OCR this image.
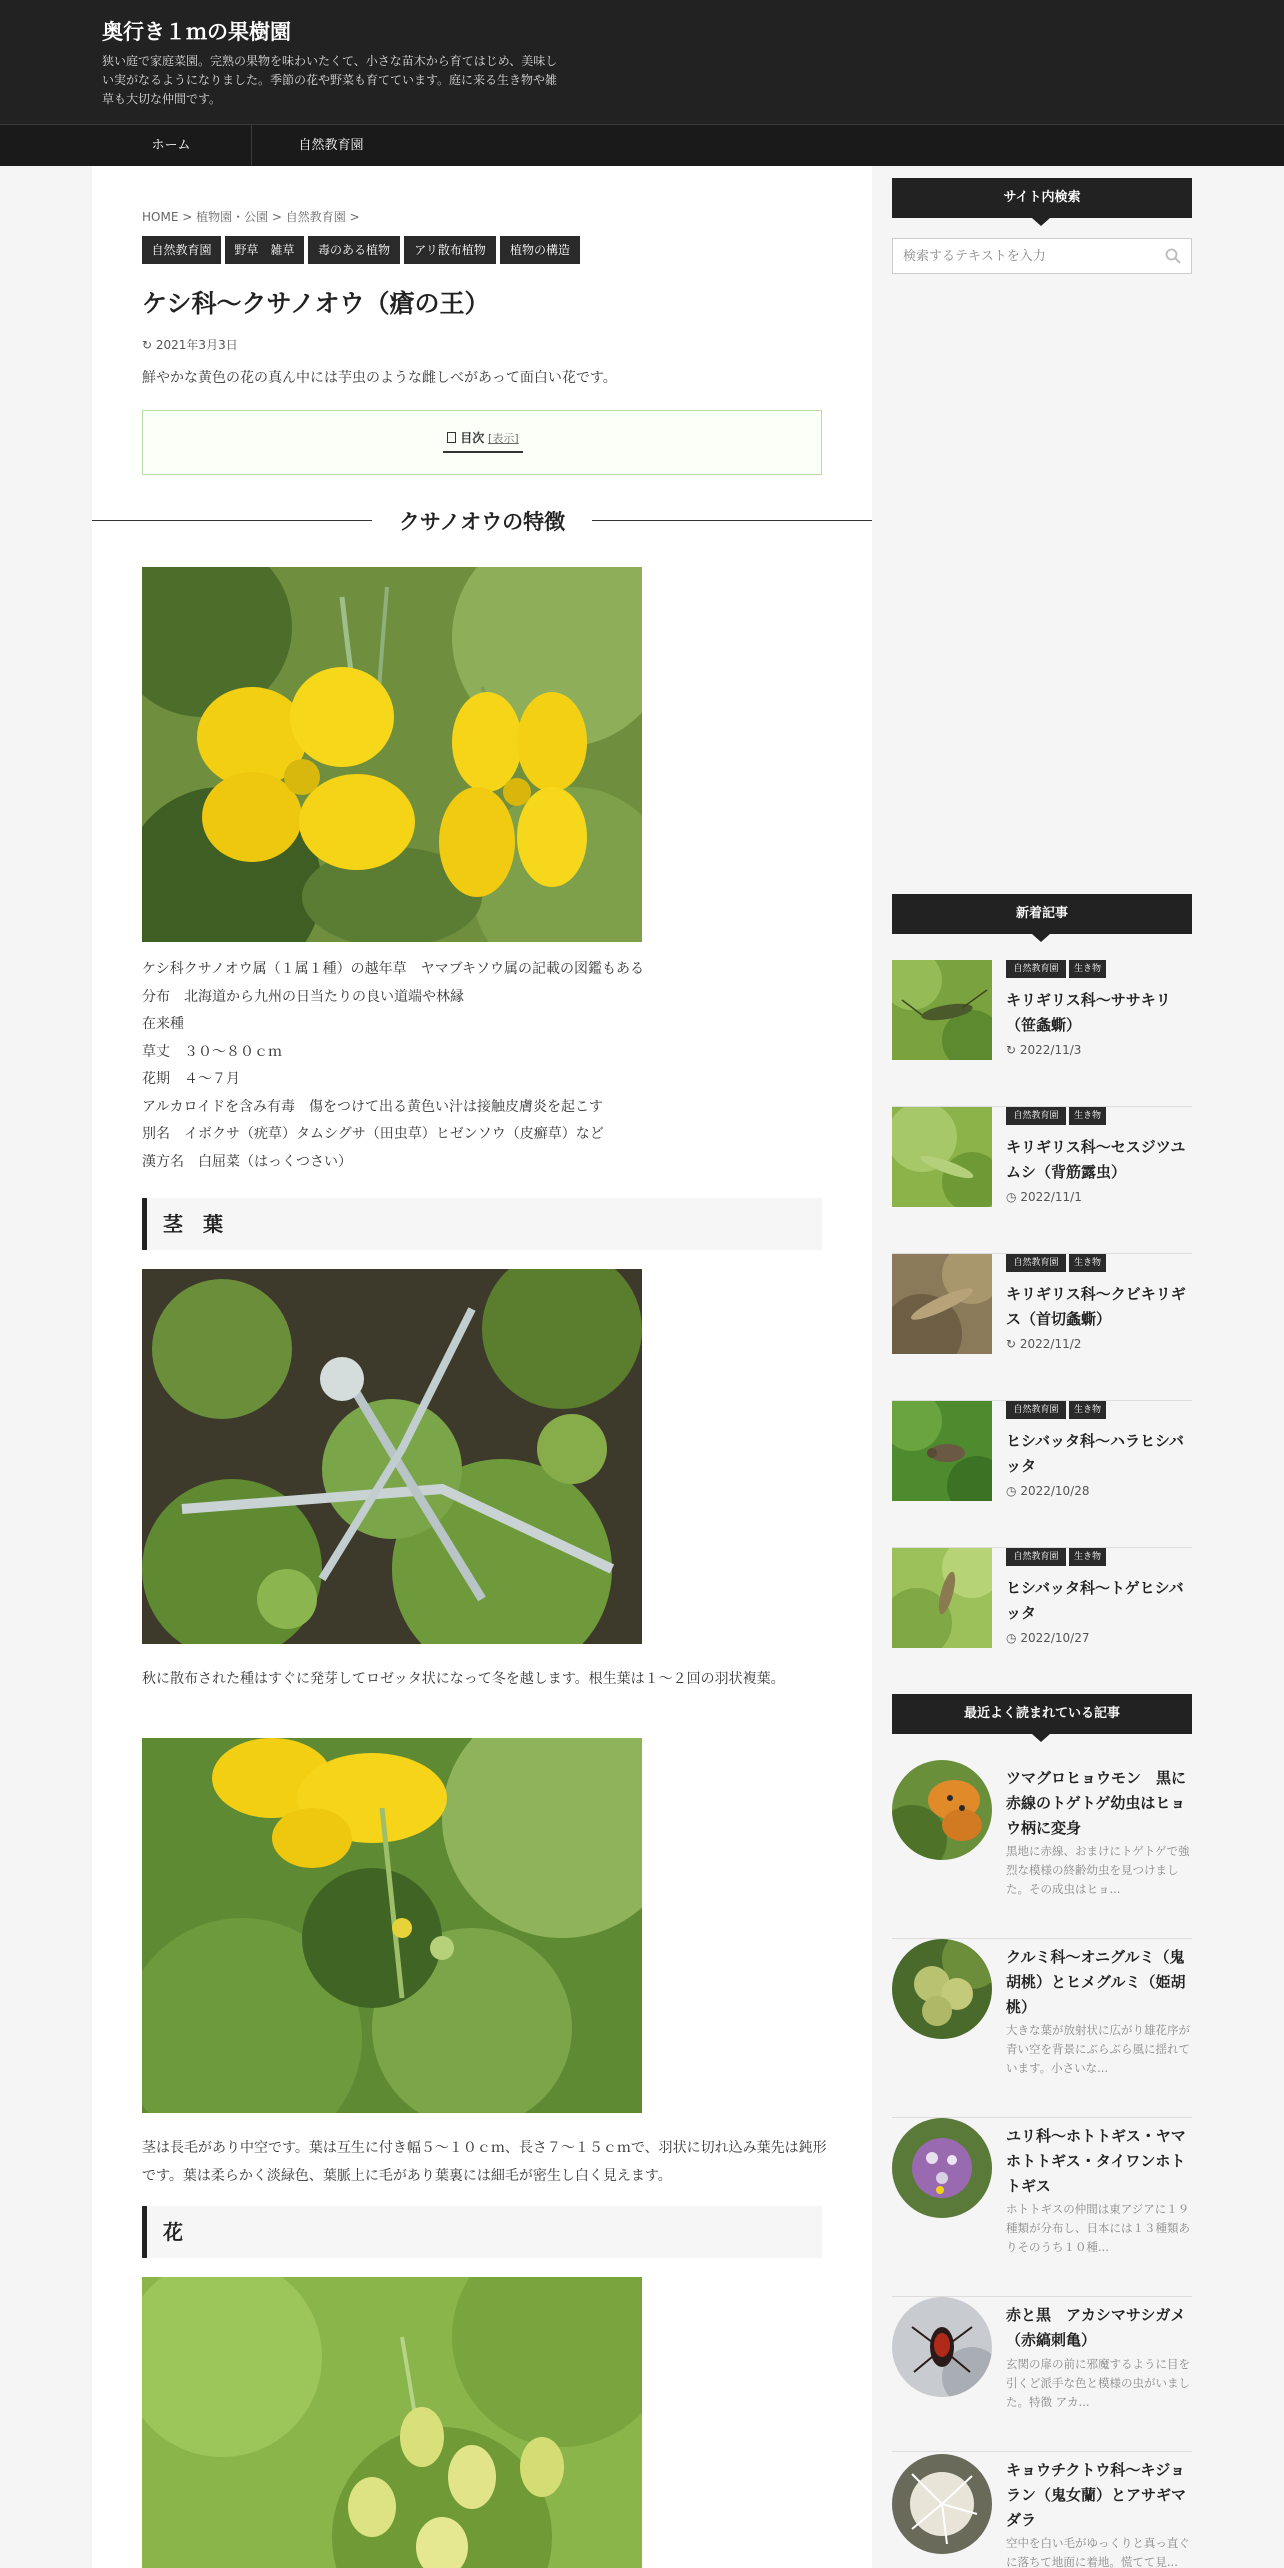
奥行き１ｍの果樹園
狭い庭で家庭菜園。完熟の果物を味わいたくて、小さな苗木から育てはじめ、美味しい実がなるようになりました。季節の花や野菜も育てています。庭に来る生き物や雑草も大切な仲間です。
ホーム	自然教育園
HOME > 植物園・公園 > 自然教育園 >
自然教育園	野草　雑草	毒のある植物	アリ散布植物	植物の構造
ケシ科～クサノオウ（瘡の王）
↻ 2021年3月3日
鮮やかな黄色の花の真ん中には芋虫のような雌しべがあって面白い花です。
目次 [表示]
クサノオウの特徴
ケシ科クサノオウ属（１属１種）の越年草　ヤマブキソウ属の記載の図鑑もある
分布　北海道から九州の日当たりの良い道端や林縁
在来種
草丈　３０～８０ｃｍ
花期　４～７月
アルカロイドを含み有毒　傷をつけて出る黄色い汁は接触皮膚炎を起こす
別名　イボクサ（疣草）タムシグサ（田虫草）ヒゼンソウ（皮癬草）など
漢方名　白屈菜（はっくつさい）
茎　葉
秋に散布された種はすぐに発芽してロゼッタ状になって冬を越します。根生葉は１～２回の羽状複葉。
茎は長毛があり中空です。葉は互生に付き幅５～１０ｃｍ、長さ７～１５ｃｍで、羽状に切れ込み葉先は鈍形です。葉は柔らかく淡緑色、葉脈上に毛があり葉裏には細毛が密生し白く見えます。
花
サイト内検索
検索するテキストを入力
新着記事
自然教育園	生き物
キリギリス科～ササキリ（笹螽蟖）
↻ 2022/11/3
自然教育園	生き物
キリギリス科～セスジツユムシ（背筋露虫）
◷ 2022/11/1
自然教育園	生き物
キリギリス科～クビキリギス（首切螽蟖）
↻ 2022/11/2
自然教育園	生き物
ヒシバッタ科～ハラヒシバッタ
◷ 2022/10/28
自然教育園	生き物
ヒシバッタ科～トゲヒシバッタ
◷ 2022/10/27
最近よく読まれている記事
ツマグロヒョウモン　黒に赤線のトゲトゲ幼虫はヒョウ柄に変身
黒地に赤線、おまけにトゲトゲで強烈な模様の終齢幼虫を見つけました。その成虫はヒョ...
クルミ科～オニグルミ（鬼胡桃）とヒメグルミ（姫胡桃）
大きな葉が放射状に広がり雄花序が青い空を背景にぶらぶら風に揺れています。小さいな...
ユリ科～ホトトギス・ヤマホトトギス・タイワンホトトギス
ホトトギスの仲間は東アジアに１９種類が分布し、日本には１３種類ありそのうち１０種...
赤と黒　アカシマサシガメ（赤縞刺亀）
玄関の扉の前に邪魔するように目を引くど派手な色と模様の虫がいました。特徴 アカ...
キョウチクトウ科～キジョラン（鬼女蘭）とアサギマダラ
空中を白い毛がゆっくりと真っ直ぐに落ちて地面に着地。慌てて見...
